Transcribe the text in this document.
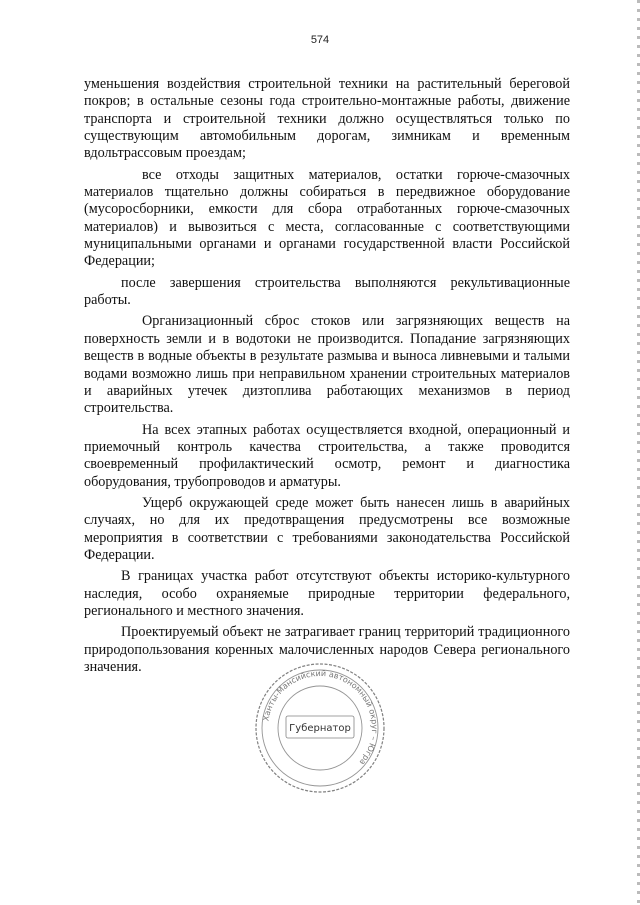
574

уменьшения воздействия строительной техники на растительный береговой покров; в остальные сезоны года строительно-монтажные работы, движение транспорта и строительной техники должно осуществляться только по существующим автомобильным дорогам, зимникам и временным вдольтрассовым проездам;

все отходы защитных материалов, остатки горюче-смазочных материалов тщательно должны собираться в передвижное оборудование (мусоросборники, емкости для сбора отработанных горюче-смазочных материалов) и вывозиться с места, согласованные с соответствующими муниципальными органами и органами государственной власти Российской Федерации;

после завершения строительства выполняются рекультивационные работы.

Организационный сброс стоков или загрязняющих веществ на поверхность земли и в водотоки не производится. Попадание загрязняющих веществ в водные объекты в результате размыва и выноса ливневыми и талыми водами возможно лишь при неправильном хранении строительных материалов и аварийных утечек дизтоплива работающих механизмов в период строительства.

На всех этапных работах осуществляется входной, операционный и приемочный контроль качества строительства, а также проводится своевременный профилактический осмотр, ремонт и диагностика оборудования, трубопроводов и арматуры.

Ущерб окружающей среде может быть нанесен лишь в аварийных случаях, но для их предотвращения предусмотрены все возможные мероприятия в соответствии с требованиями законодательства Российской Федерации.

В границах участка работ отсутствуют объекты историко-культурного наследия, особо охраняемые природные территории федерального, регионального и местного значения.

Проектируемый объект не затрагивает границ территорий традиционного природопользования коренных малочисленных народов Севера регионального значения.

Ханты-Мансийский автономный округ – Югра
Губернатор
